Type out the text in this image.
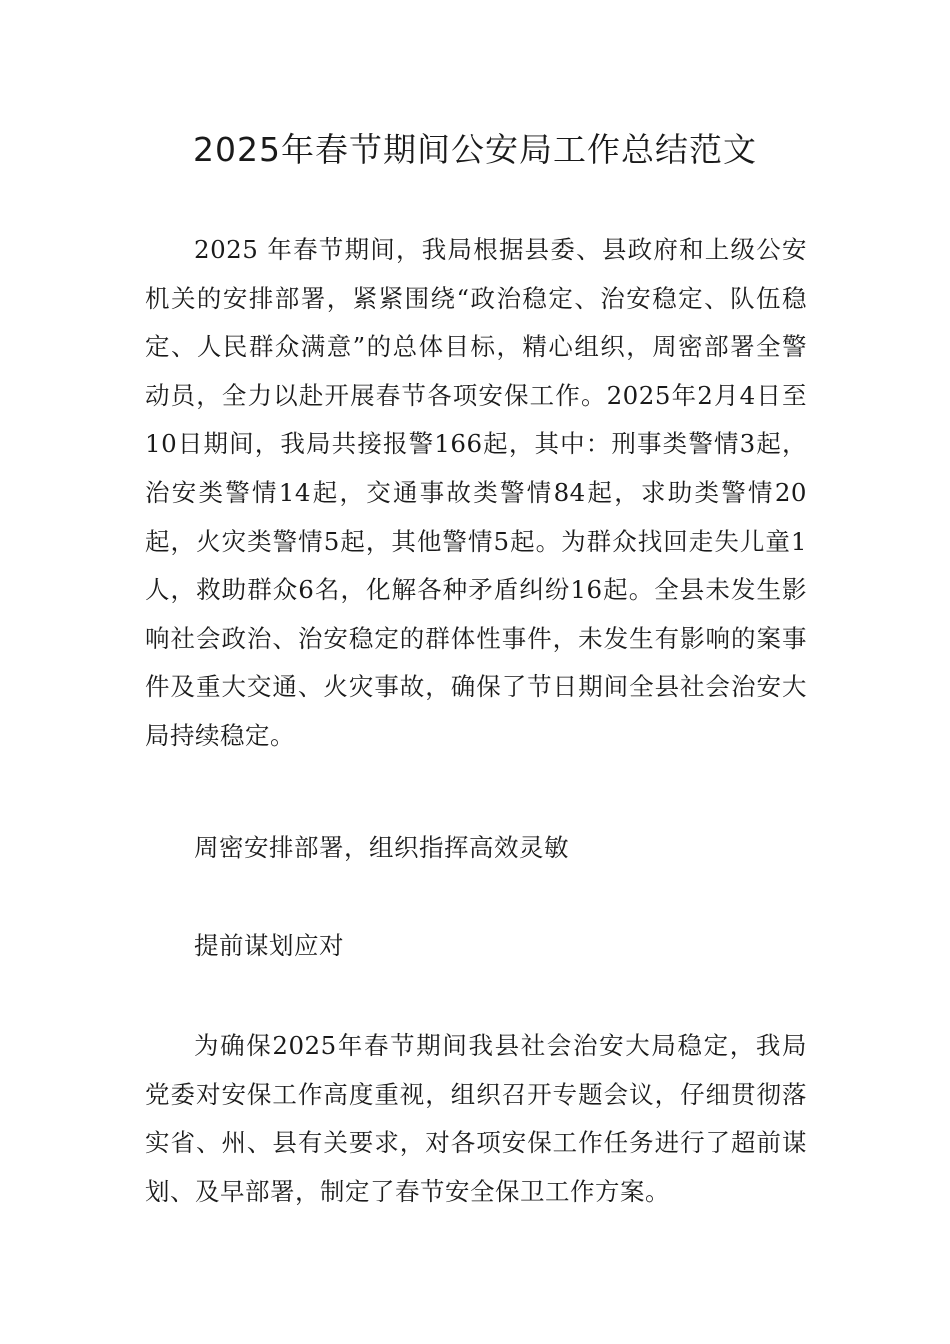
2025年春节期间公安局工作总结范文

2025 年春节期间，我局根据县委、县政府和上级公安机关的安排部署，紧紧围绕“政治稳定、治安稳定、队伍稳定、人民群众满意”的总体目标，精心组织，周密部署全警动员，全力以赴开展春节各项安保工作。2025年2月4日至10日期间，我局共接报警166起，其中：刑事类警情3起，治安类警情14起，交通事故类警情84起，求助类警情20起，火灾类警情5起，其他警情5起。为群众找回走失儿童1人，救助群众6名，化解各种矛盾纠纷16起。全县未发生影响社会政治、治安稳定的群体性事件，未发生有影响的案事件及重大交通、火灾事故，确保了节日期间全县社会治安大局持续稳定。

周密安排部署，组织指挥高效灵敏

提前谋划应对

为确保2025年春节期间我县社会治安大局稳定，我局党委对安保工作高度重视，组织召开专题会议，仔细贯彻落实省、州、县有关要求，对各项安保工作任务进行了超前谋划、及早部署，制定了春节安全保卫工作方案。
